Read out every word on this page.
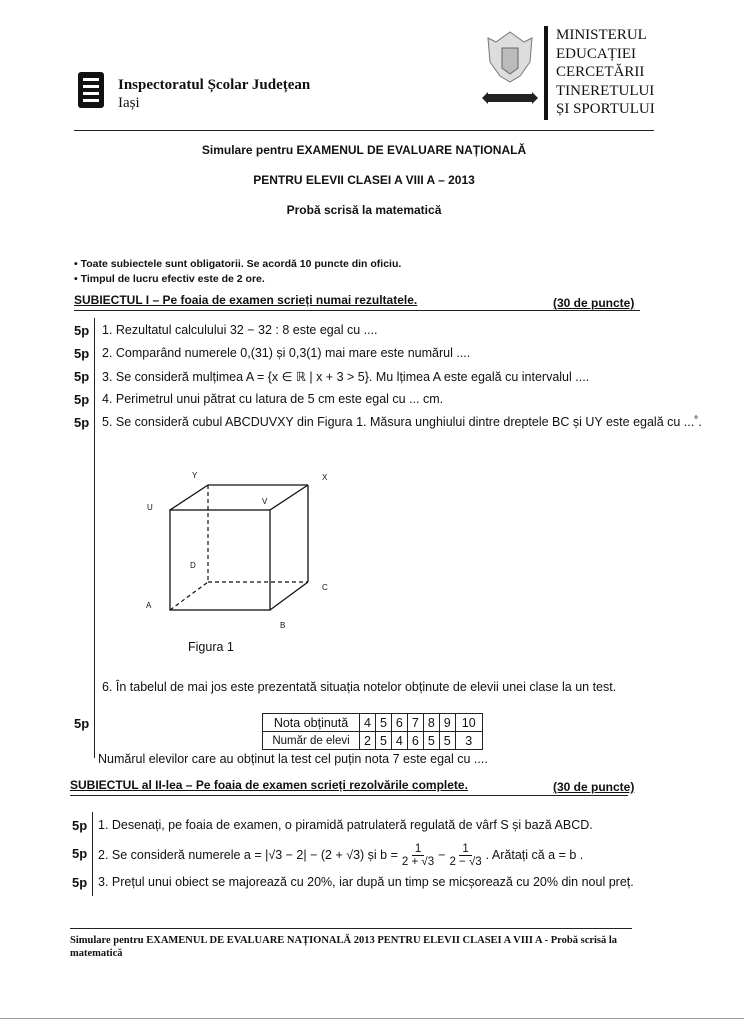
Inspectoratul Școlar Județean
Iași
MINISTERUL
EDUCAȚIEI
CERCETĂRII
TINERETULUI
ȘI SPORTULUI
Simulare pentru EXAMENUL DE EVALUARE NAȚIONALĂ
PENTRU ELEVII CLASEI A VIII A – 2013
Probă scrisă la matematică
• Toate subiectele sunt obligatorii. Se acordă 10 puncte din oficiu.
• Timpul de lucru efectiv este de 2 ore.
SUBIECTUL I – Pe foaia de examen scrieți numai rezultatele.	(30 de puncte)
5p	1. Rezultatul calculului 32 − 32 : 8 este egal cu ....
5p	2. Comparând numerele 0,(31) și 0,3(1) mai mare este numărul ....
5p	3. Se consideră mulțimea A = {x ∈ ℝ | x + 3 > 5}. Mu lțimea A este egală cu intervalul ....
5p	4. Perimetrul unui pătrat cu latura de 5 cm este egal cu ... cm.
5p	5. Se consideră cubul ABCDUVXY din Figura 1. Măsura unghiului dintre dreptele BC și UY este egală cu ...˚.
Y	X
U
V
D
C
A
B
Figura 1
6. În tabelul de mai jos este prezentată situația notelor obținute de elevii unei clase la un test.
5p	Nota obținută	4	5	6	7	8	9	10
Număr de elevi	2	5	4	6	5	5	3
Numărul elevilor care au obținut la test cel puțin nota 7 este egal cu ....
SUBIECTUL al II-lea – Pe foaia de examen scrieți rezolvările complete.	(30 de puncte)
5p 1. Desenați, pe foaia de examen, o piramidă patrulateră regulată de vârf S și bază ABCD.
5p 2. Se consideră numerele a = |√3 − 2| − (2 + √3) și $b = \frac{1}{2 + √3} - \frac{1}{2 - √3}$ . Arătați că a = b .
5p 3. Prețul unui obiect se majorează cu 20%, iar după un timp se micșorează cu 20% din noul preț.
Simulare pentru EXAMENUL DE EVALUARE NAȚIONALĂ 2013 PENTRU ELEVII CLASEI A VIII A - Probă scrisă la
matematică
